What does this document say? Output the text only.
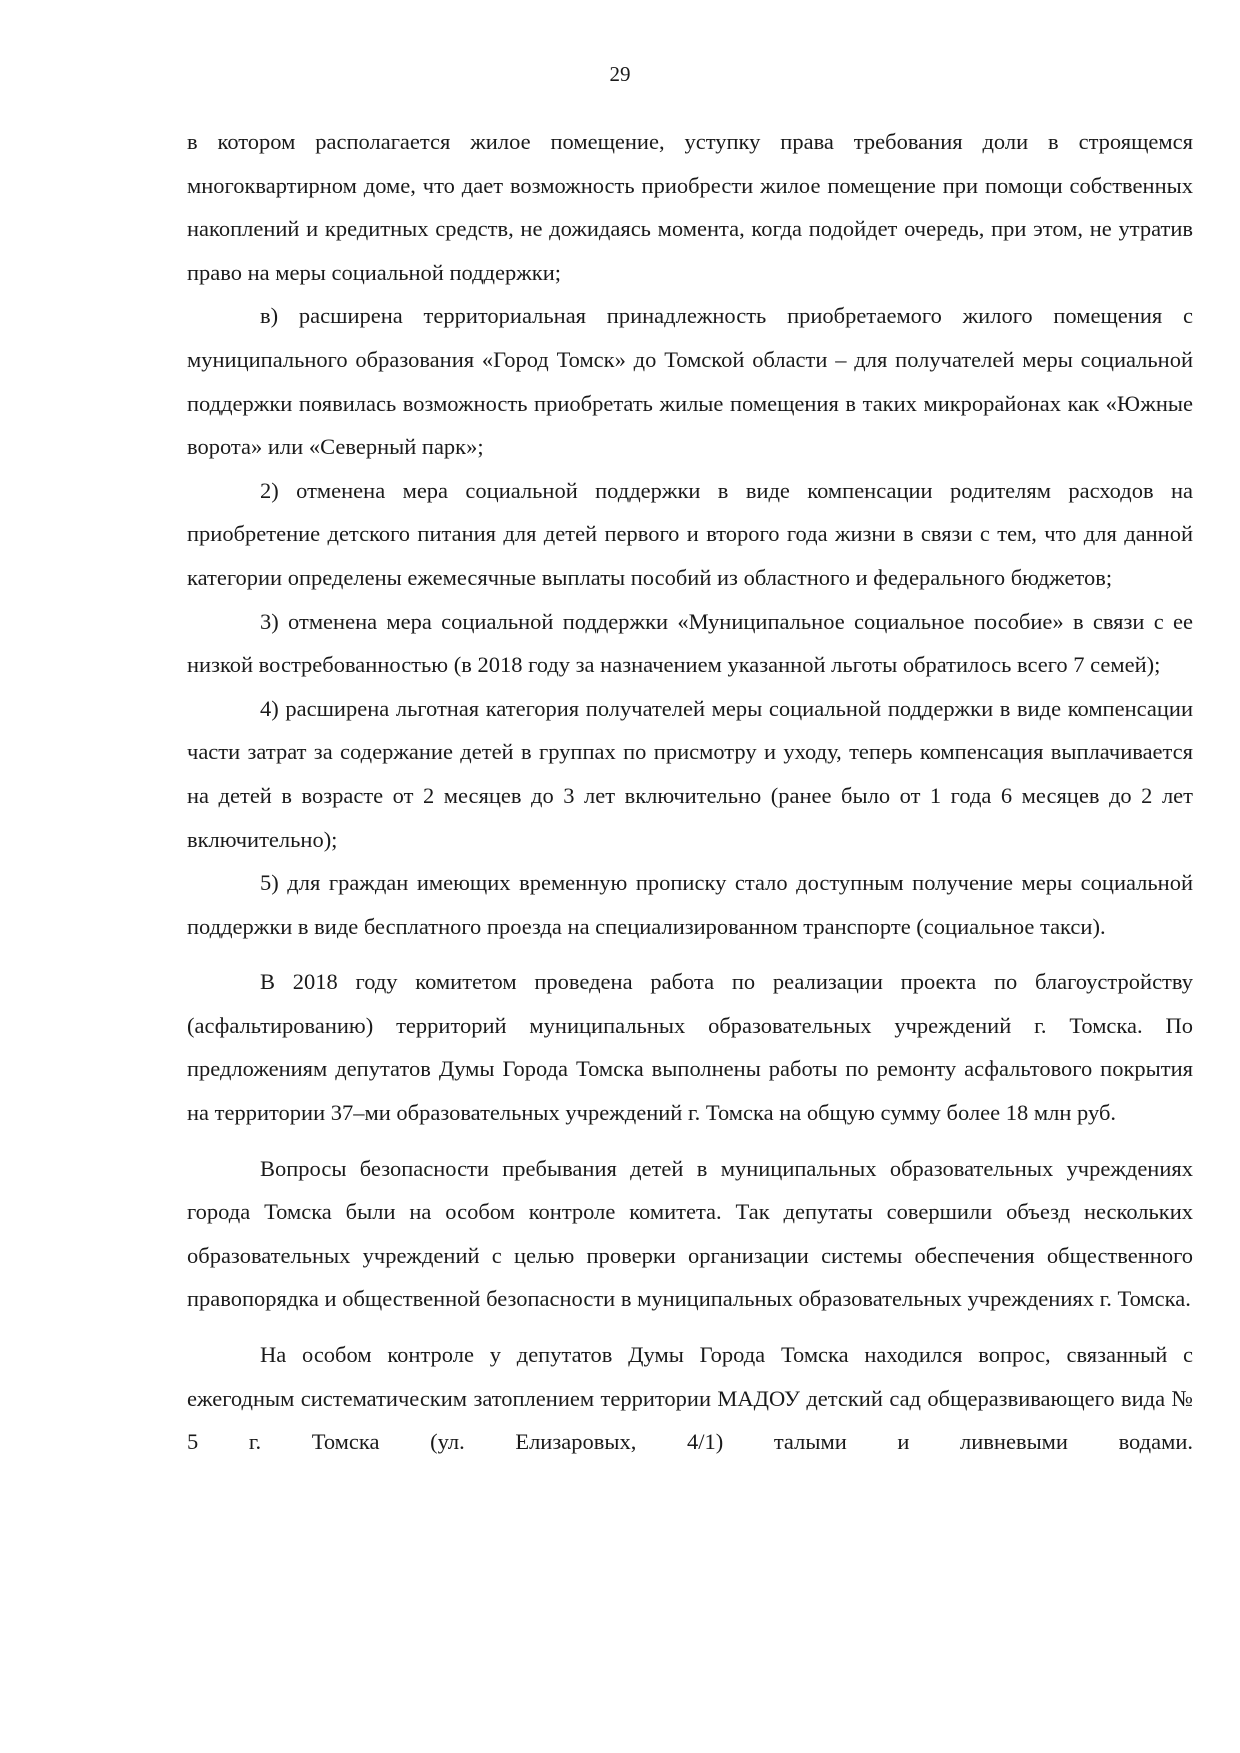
29

в котором располагается жилое помещение, уступку права требования доли в строящемся многоквартирном доме, что дает возможность приобрести жилое помещение при помощи собственных накоплений и кредитных средств, не дожидаясь момента, когда подойдет очередь, при этом, не утратив право на меры социальной поддержки;

в) расширена территориальная принадлежность приобретаемого жилого помещения с муниципального образования «Город Томск» до Томской области – для получателей меры социальной поддержки появилась возможность приобретать жилые помещения в таких микрорайонах как «Южные ворота» или «Северный парк»;

2) отменена мера социальной поддержки в виде компенсации родителям расходов на приобретение детского питания для детей первого и второго года жизни в связи с тем, что для данной категории определены ежемесячные выплаты пособий из областного и федерального бюджетов;

3) отменена мера социальной поддержки «Муниципальное социальное пособие» в связи с ее низкой востребованностью (в 2018 году за назначением указанной льготы обратилось всего 7 семей);

4) расширена льготная категория получателей меры социальной поддержки в виде компенсации части затрат за содержание детей в группах по присмотру и уходу, теперь компенсация выплачивается на детей в возрасте от 2 месяцев до 3 лет включительно (ранее было от 1 года 6 месяцев до 2 лет включительно);

5) для граждан имеющих временную прописку стало доступным получение меры социальной поддержки в виде бесплатного проезда на специализированном транспорте (социальное такси).

В 2018 году комитетом проведена работа по реализации проекта по благоустройству (асфальтированию) территорий муниципальных образовательных учреждений г. Томска. По предложениям депутатов Думы Города Томска выполнены работы по ремонту асфальтового покрытия на территории 37–ми образовательных учреждений г. Томска на общую сумму более 18 млн руб.

Вопросы безопасности пребывания детей в муниципальных образовательных учреждениях города Томска были на особом контроле комитета. Так депутаты совершили объезд нескольких образовательных учреждений с целью проверки организации системы обеспечения общественного правопорядка и общественной безопасности в муниципальных образовательных учреждениях г. Томска.

На особом контроле у депутатов Думы Города Томска находился вопрос, связанный с ежегодным систематическим затоплением территории МАДОУ детский сад общеразвивающего вида № 5 г. Томска (ул. Елизаровых, 4/1) талыми и ливневыми водами.
